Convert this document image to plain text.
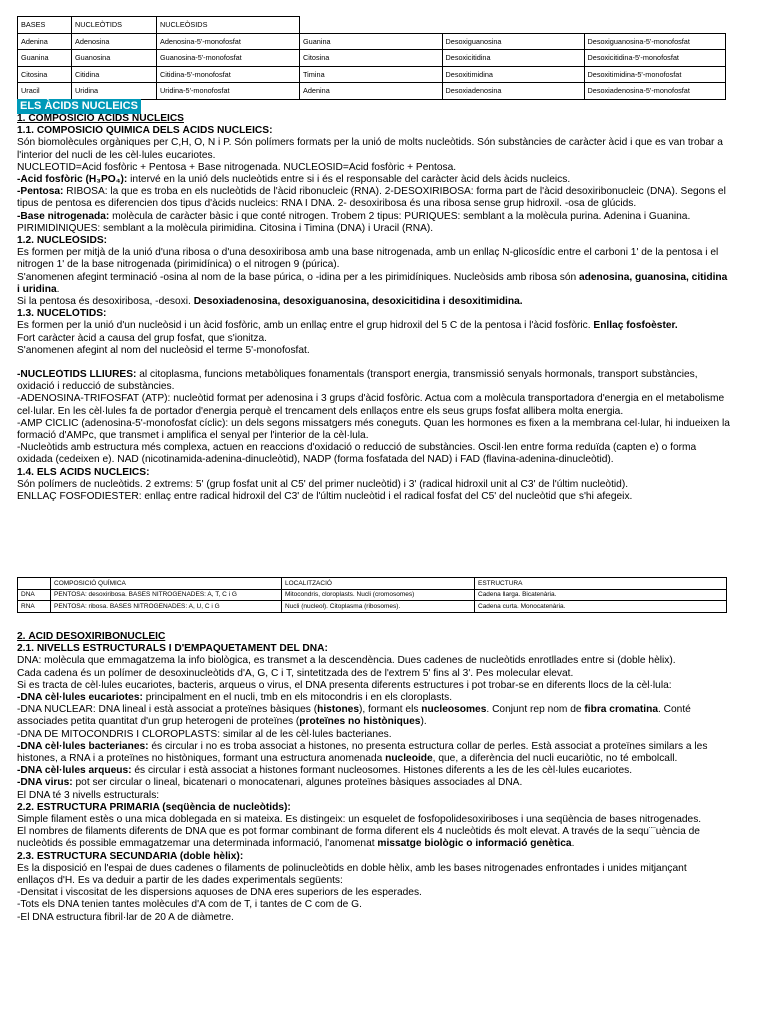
BASES	NUCLEÒTIDS	NUCLEÒSIDS			
Adenina	Adenosina	Adenosina-5'-monofosfat	Guanina	Desoxiguanosina	Desoxiguanosina-5'-monofosfat
Guanina	Guanosina	Guanosina-5'-monofosfat	Citosina	Desoxicitidina	Desoxicitidina-5'-monofosfat
Citosina	Citidina	Citidina-5'-monofosfat	Timina	Desoxitimidina	Desoxitimidina-5'-monofosfat
Uracil	Uridina	Uridina-5'-monofosfat	Adenina	Desoxiadenosina	Desoxiadenosina-5'-monofosfat
ELS ÀCIDS NUCLEICS

1. COMPOSICIÓ ÀCIDS NUCLEICS

1.1. COMPOSICIÓ QUÍMICA DELS ÀCIDS NUCLEICS:

Són biomolècules orgàniques per C,H, O, N i P. Són polímers formats per la unió de molts nucleòtids. Són substàncies de caràcter àcid i que es van trobar a

l'interior del nucli de les cèl·lules eucariotes.

NUCLEÒTID=Àcid fosfòric + Pentosa + Base nitrogenada. NUCLEÒSID=Àcid fosfòric + Pentosa.

-Àcid fosfòric (H₃PO₄): intervé en la unió dels nucleòtids entre si i és el responsable del caràcter àcid dels àcids nucleics.

-Pentosa: RIBOSA: la que es troba en els nucleòtids de l'àcid ribonucleic (RNA). 2-DESOXIRIBOSA: forma part de l'àcid desoxiribonucleic (DNA). Segons el

tipus de pentosa es diferencien dos tipus d'àcids nucleics: RNA I DNA. 2- desoxiribosa és una ribosa sense grup hidroxil. -osa de glúcids.

-Base nitrogenada: molècula de caràcter bàsic i que conté nitrogen. Trobem 2 tipus: PÚRIQUES: semblant a la molècula purina. Adenina i Guanina.

PIRIMIDÍNIQUES: semblant a la molècula pirimidina. Citosina i Timina (DNA) i Uracil (RNA).

1.2. NUCLEÒSIDS:

Es formen per mitjà de la unió d'una ribosa o d'una desoxiribosa amb una base nitrogenada, amb un enllaç N-glicosídic entre el carboni 1' de la pentosa i el

nitrogen 1' de la base nitrogenada (pirimidínica) o el nitrogen 9 (púrica).

S'anomenen afegint terminació -osina al nom de la base púrica, o -idina per a les pirimidíniques. Nucleòsids amb ribosa són adenosina, guanosina, citidina

i uridina.

Si la pentosa és desoxiribosa, -desoxi. Desoxiadenosina, desoxiguanosina, desoxicitidina i desoxitimidina.

1.3. NUCELÒTIDS:

Es formen per la unió d'un nucleòsid i un àcid fosfòric, amb un enllaç entre el grup hidroxil del 5 C de la pentosa i l'àcid fosfòric. Enllaç fosfoèster.

Fort caràcter àcid a causa del grup fosfat, que s'ionitza.

S'anomenen afegint al nom del nucleòsid el terme 5'-monofosfat.

-NUCLEÒTIDS LLIURES: al citoplasma, funcions metabòliques fonamentals (transport energia, transmissió senyals hormonals, transport substàncies,

oxidació i reducció de substàncies.

-ADENOSINA-TRIFOSFAT (ATP): nucleòtid format per adenosina i 3 grups d'àcid fosfòric. Actua com a molècula transportadora d'energia en el metabolisme

cel·lular. En les cèl·lules fa de portador d'energia perquè el trencament dels enllaços entre els seus grups fosfat allibera molta energia.

-AMP CÍCLIC (adenosina-5'-monofosfat cíclic): un dels segons missatgers més coneguts. Quan les hormones es fixen a la membrana cel·lular, hi indueixen la

formació d'AMPc, que transmet i amplifica el senyal per l'interior de la cèl·lula.

-Nucleòtids amb estructura més complexa, actuen en reaccions d'oxidació o reducció de substàncies. Oscil·len entre forma reduïda (capten e) o forma

oxidada (cedeixen e). NAD (nicotinamida-adenina-dinucleòtid), NADP (forma fosfatada del NAD) i FAD (flavina-adenina-dinucleòtid).

1.4. ELS ÀCIDS NUCLEICS:

Són polímers de nucleòtids. 2 extrems: 5' (grup fosfat unit al C5' del primer nucleòtid) i 3' (radical hidroxil unit al C3' de l'últim nucleòtid).

ENLLAÇ FOSFODIÈSTER: enllaç entre radical hidroxil del C3' de l'últim nucleòtid i el radical fosfat del C5' del nucleòtid que s'hi afegeix.

	COMPOSICIÓ QUÍMICA	LOCALITZACIÓ	ESTRUCTURA
DNA	PENTOSA: desoxiribosa. BASES NITROGENADES: A, T, C i G	Mitocondris, cloroplasts. Nucli (cromosomes)	Cadena llarga. Bicatenària.
RNA	PENTOSA: ribosa. BASES NITROGENADES: A, U, C i G	Nucli (nucleol). Citoplasma (ribosomes).	Cadena curta. Monocatenària.

2. ÀCID DESOXIRIBONUCLEIC

2.1. NIVELLS ESTRUCTURALS I D'EMPAQUETAMENT DEL DNA:

DNA: molècula que emmagatzema la info biològica, es transmet a la descendència. Dues cadenes de nucleòtids enrotllades entre si (doble hèlix).

Cada cadena és un polímer de desoxinucleòtids d'A, G, C i T, sintetitzada des de l'extrem 5' fins al 3'. Pes molecular elevat.

Si es tracta de cèl·lules eucariotes, bacteris, arqueus o virus, el DNA presenta diferents estructures i pot trobar-se en diferents llocs de la cèl·lula:

-DNA cèl·lules eucariotes: principalment en el nucli, tmb en els mitocondris i en els cloroplasts.

-DNA NUCLEAR: DNA lineal i està associat a proteïnes bàsiques (histones), formant els nucleosomes. Conjunt rep nom de fibra cromatina. Conté

associades petita quantitat d'un grup heterogeni de proteïnes (proteïnes no històniques).

-DNA DE MITOCONDRIS I CLOROPLASTS: similar al de les cèl·lules bacterianes.

-DNA cèl·lules bacterianes: és circular i no es troba associat a histones, no presenta estructura collar de perles. Està associat a proteïnes similars a les

histones, a RNA i a proteïnes no històniques, formant una estructura anomenada nucleoide, que, a diferència del nucli eucariòtic, no té embolcall.

-DNA cèl·lules arqueus: és circular i està associat a histones formant nucleosomes. Histones diferents a les de les cèl·lules eucariotes.

-DNA virus: pot ser circular o lineal, bicatenari o monocatenari, algunes proteïnes bàsiques associades al DNA.

El DNA té 3 nivells estructurals:

2.2. ESTRUCTURA PRIMÀRIA (seqüència de nucleòtids):

Simple filament estès o una mica doblegada en si mateixa. Es distingeix: un esquelet de fosfopolidesoxiriboses i una seqüència de bases nitrogenades.

El nombres de filaments diferents de DNA que es pot formar combinant de forma diferent els 4 nucleòtids és molt elevat. A través de la sequ¨¨uència de

nucleòtids és possible emmagatzemar una determinada informació, l'anomenat missatge biològic o informació genètica.

2.3. ESTRUCTURA SECUNDÀRIA (doble hèlix):

És la disposició en l'espai de dues cadenes o filaments de polinucleòtids en doble hèlix, amb les bases nitrogenades enfrontades i unides mitjançant

enllaços d'H. Es va deduir a partir de les dades experimentals següents:

-Densitat i viscositat de les dispersions aquoses de DNA eres superiors de les esperades.

-Tots els DNA tenien tantes molècules d'A com de T, i tantes de C com de G.

-El DNA estructura fibril·lar de 20 A de diàmetre.
